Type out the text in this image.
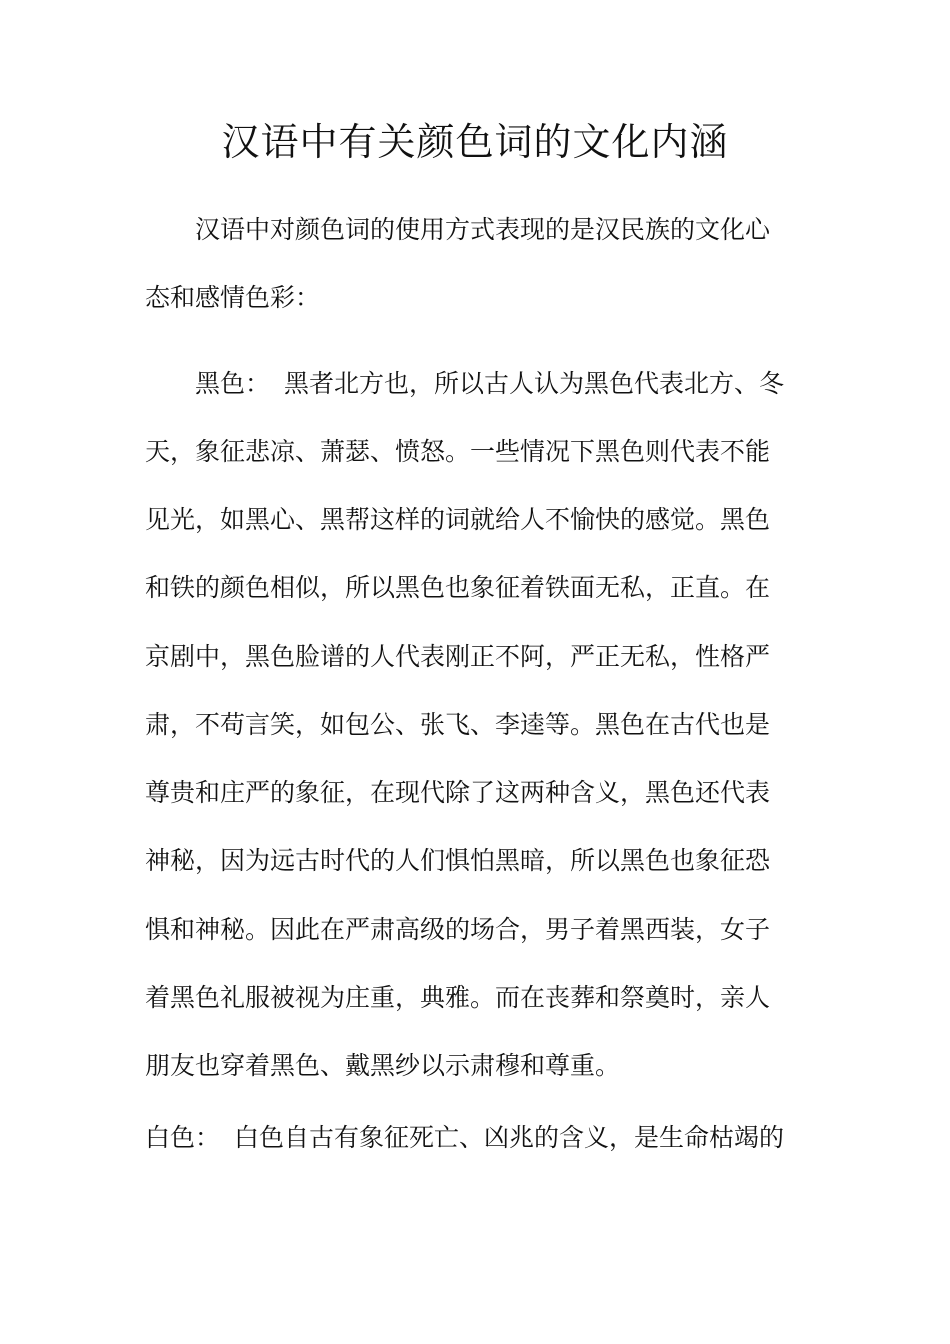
汉语中有关颜色词的文化内涵

汉语中对颜色词的使用方式表现的是汉民族的文化心

态和感情色彩：

黑色： 黑者北方也，所以古人认为黑色代表北方、冬

天，象征悲凉、萧瑟、愤怒。一些情况下黑色则代表不能

见光，如黑心、黑帮这样的词就给人不愉快的感觉。黑色

和铁的颜色相似，所以黑色也象征着铁面无私，正直。在

京剧中，黑色脸谱的人代表刚正不阿，严正无私，性格严

肃，不苟言笑，如包公、张飞、李逵等。黑色在古代也是

尊贵和庄严的象征，在现代除了这两种含义，黑色还代表

神秘，因为远古时代的人们惧怕黑暗，所以黑色也象征恐

惧和神秘。因此在严肃高级的场合，男子着黑西装，女子

着黑色礼服被视为庄重，典雅。而在丧葬和祭奠时，亲人

朋友也穿着黑色、戴黑纱以示肃穆和尊重。

白色： 白色自古有象征死亡、凶兆的含义，是生命枯竭的
